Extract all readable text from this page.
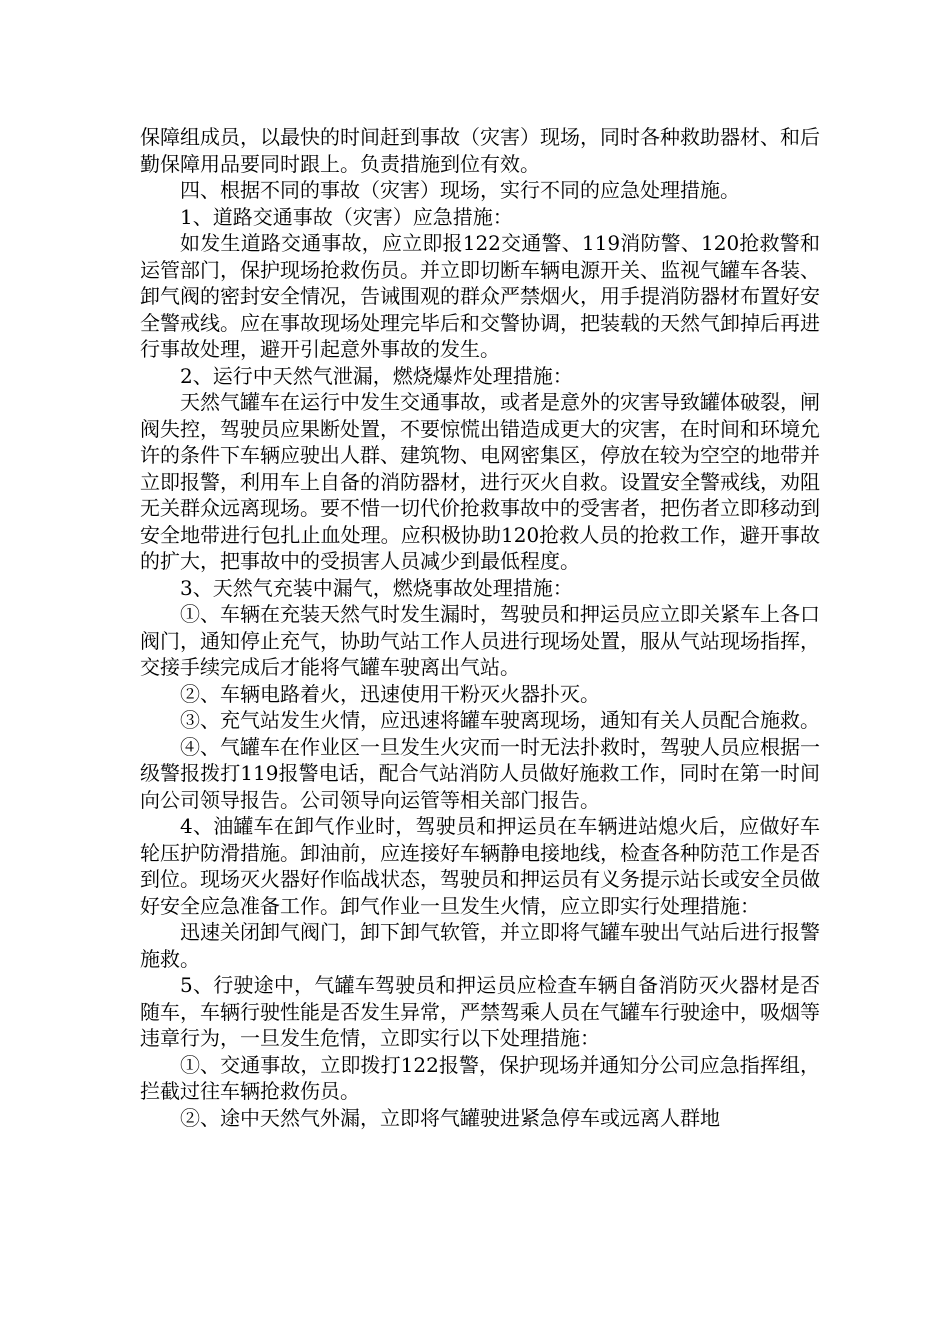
保障组成员，以最快的时间赶到事故（灾害）现场，同时各种救助器材、和后勤保障用品要同时跟上。负责措施到位有效。

四、根据不同的事故（灾害）现场，实行不同的应急处理措施。

1、道路交通事故（灾害）应急措施：

如发生道路交通事故，应立即报122交通警、119消防警、120抢救警和运管部门，保护现场抢救伤员。并立即切断车辆电源开关、监视气罐车各装、卸气阀的密封安全情况，告诫围观的群众严禁烟火，用手提消防器材布置好安全警戒线。应在事故现场处理完毕后和交警协调，把装载的天然气卸掉后再进行事故处理，避开引起意外事故的发生。

2、运行中天然气泄漏，燃烧爆炸处理措施：

天然气罐车在运行中发生交通事故，或者是意外的灾害导致罐体破裂，闸阀失控，驾驶员应果断处置，不要惊慌出错造成更大的灾害，在时间和环境允许的条件下车辆应驶出人群、建筑物、电网密集区，停放在较为空空的地带并立即报警，利用车上自备的消防器材，进行灭火自救。设置安全警戒线，劝阻无关群众远离现场。要不惜一切代价抢救事故中的受害者，把伤者立即移动到安全地带进行包扎止血处理。应积极协助120抢救人员的抢救工作，避开事故的扩大，把事故中的受损害人员减少到最低程度。

3、天然气充装中漏气，燃烧事故处理措施：

①、车辆在充装天然气时发生漏时，驾驶员和押运员应立即关紧车上各口阀门，通知停止充气，协助气站工作人员进行现场处置，服从气站现场指挥，交接手续完成后才能将气罐车驶离出气站。

②、车辆电路着火，迅速使用干粉灭火器扑灭。

③、充气站发生火情，应迅速将罐车驶离现场，通知有关人员配合施救。

④、气罐车在作业区一旦发生火灾而一时无法扑救时，驾驶人员应根据一级警报拨打119报警电话，配合气站消防人员做好施救工作，同时在第一时间向公司领导报告。公司领导向运管等相关部门报告。

4、油罐车在卸气作业时，驾驶员和押运员在车辆进站熄火后，应做好车轮压护防滑措施。卸油前，应连接好车辆静电接地线，检查各种防范工作是否到位。现场灭火器好作临战状态，驾驶员和押运员有义务提示站长或安全员做好安全应急准备工作。卸气作业一旦发生火情，应立即实行处理措施：

迅速关闭卸气阀门，卸下卸气软管，并立即将气罐车驶出气站后进行报警施救。

5、行驶途中，气罐车驾驶员和押运员应检查车辆自备消防灭火器材是否随车，车辆行驶性能是否发生异常，严禁驾乘人员在气罐车行驶途中，吸烟等违章行为，一旦发生危情，立即实行以下处理措施：

①、交通事故，立即拨打122报警，保护现场并通知分公司应急指挥组，拦截过往车辆抢救伤员。

②、途中天然气外漏，立即将气罐驶进紧急停车或远离人群地
